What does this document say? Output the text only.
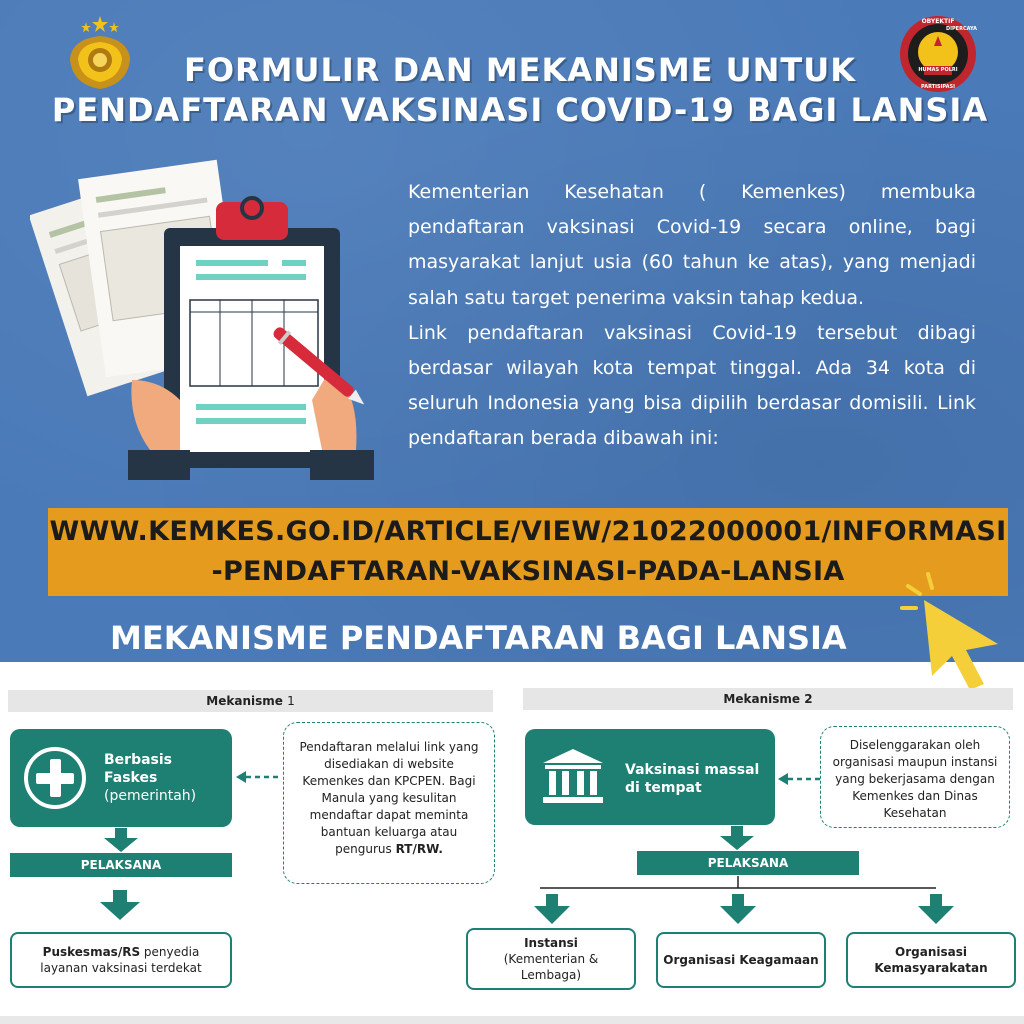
OBYEKTIF
DIPERCAYA
PARTISIPASI
HUMAS POLRI
FORMULIR DAN MEKANISME UNTUK
PENDAFTARAN VAKSINASI COVID-19 BAGI LANSIA

Kementerian Kesehatan ( Kemenkes) membuka pendaftaran vaksinasi Covid-19 secara online, bagi masyarakat lanjut usia (60 tahun ke atas), yang menjadi salah satu target penerima vaksin tahap kedua.

Link pendaftaran vaksinasi Covid-19 tersebut dibagi berdasar wilayah kota tempat tinggal. Ada 34 kota di seluruh Indonesia yang bisa dipilih berdasar domisili. Link pendaftaran berada dibawah ini:

WWW.KEMKES.GO.ID/ARTICLE/VIEW/21022000001/INFORMASI
-PENDAFTARAN-VAKSINASI-PADA-LANSIA
MEKANISME PENDAFTARAN BAGI LANSIA
Mekanisme 1
Berbasis
Faskes
(pemerintah)
Pendaftaran melalui link yang disediakan di website Kemenkes dan KPCPEN. Bagi Manula yang kesulitan mendaftar dapat meminta bantuan keluarga atau pengurus RT/RW.
PELAKSANA
Puskesmas/RS penyedia layanan vaksinasi terdekat
Mekanisme 2
Vaksinasi massal
di tempat
Diselenggarakan oleh organisasi maupun instansi yang bekerjasama dengan Kemenkes dan Dinas Kesehatan
PELAKSANA
Instansi
(Kementerian & Lembaga)
Organisasi Keagamaan
Organisasi
Kemasyarakatan
